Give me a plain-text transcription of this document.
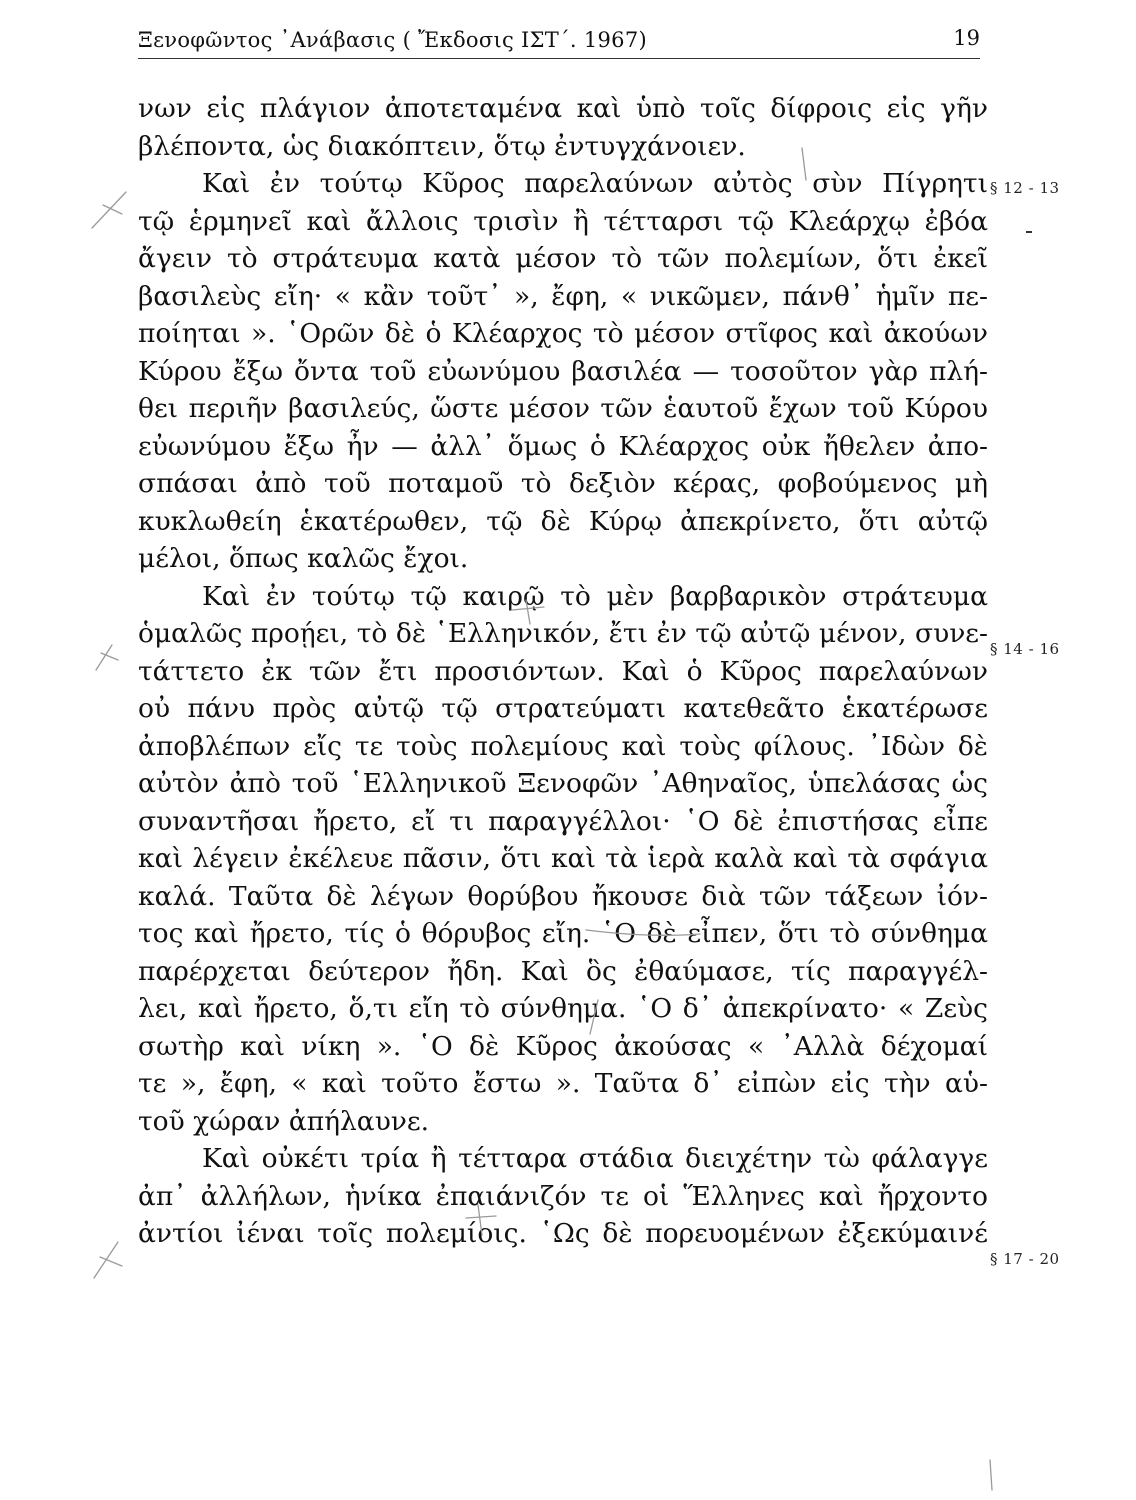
Ξενοφῶντος ᾿Ανάβασις ( Ἔκδοσις ΙΣΤ΄. 1967)	19
νων εἰς πλάγιον ἀποτεταμένα καὶ ὑπὸ τοῖς δίφροις εἰς γῆν
βλέποντα, ὡς διακόπτειν, ὅτῳ ἐντυγχάνοιεν.
Καὶ ἐν τούτῳ Κῦρος παρελαύνων αὐτὸς σὺν Πίγρητι
τῷ ἑρμηνεῖ καὶ ἄλλοις τρισὶν ἢ τέτταρσι τῷ Κλεάρχῳ ἐβόα
ἄγειν τὸ στράτευμα κατὰ μέσον τὸ τῶν πολεμίων, ὅτι ἐκεῖ
βασιλεὺς εἴη· « κἂν τοῦτ᾿ », ἔφη, « νικῶμεν, πάνθ᾿ ἡμῖν πε-
ποίηται ». ῾Ορῶν δὲ ὁ Κλέαρχος τὸ μέσον στῖφος καὶ ἀκούων
Κύρου ἔξω ὄντα τοῦ εὐωνύμου βασιλέα — τοσοῦτον γὰρ πλή-
θει περιῆν βασιλεύς, ὥστε μέσον τῶν ἑαυτοῦ ἔχων τοῦ Κύρου
εὐωνύμου ἔξω ἦν — ἀλλ᾿ ὅμως ὁ Κλέαρχος οὐκ ἤθελεν ἀπο-
σπάσαι ἀπὸ τοῦ ποταμοῦ τὸ δεξιὸν κέρας, φοβούμενος μὴ
κυκλωθείη ἑκατέρωθεν, τῷ δὲ Κύρῳ ἀπεκρίνετο, ὅτι αὐτῷ
μέλοι, ὅπως καλῶς ἔχοι.
Καὶ ἐν τούτῳ τῷ καιρῷ τὸ μὲν βαρβαρικὸν στράτευμα
ὁμαλῶς προῄει, τὸ δὲ ῾Ελληνικόν, ἔτι ἐν τῷ αὐτῷ μένον, συνε-
τάττετο ἐκ τῶν ἔτι προσιόντων. Καὶ ὁ Κῦρος παρελαύνων
οὐ πάνυ πρὸς αὐτῷ τῷ στρατεύματι κατεθεᾶτο ἑκατέρωσε
ἀποβλέπων εἴς τε τοὺς πολεμίους καὶ τοὺς φίλους. ᾿Ιδὼν δὲ
αὐτὸν ἀπὸ τοῦ ῾Ελληνικοῦ Ξενοφῶν ᾿Αθηναῖος, ὑπελάσας ὡς
συναντῆσαι ἤρετο, εἴ τι παραγγέλλοι· ῾Ο δὲ ἐπιστήσας εἶπε
καὶ λέγειν ἐκέλευε πᾶσιν, ὅτι καὶ τὰ ἱερὰ καλὰ καὶ τὰ σφάγια
καλά. Ταῦτα δὲ λέγων θορύβου ἤκουσε διὰ τῶν τάξεων ἰόν-
τος καὶ ἤρετο, τίς ὁ θόρυβος εἴη. ῾Ο δὲ εἶπεν, ὅτι τὸ σύνθημα
παρέρχεται δεύτερον ἤδη. Καὶ ὃς ἐθαύμασε, τίς παραγγέλ-
λει, καὶ ἤρετο, ὅ,τι εἴη τὸ σύνθημα. ῾Ο δ᾿ ἀπεκρίνατο· « Ζεὺς
σωτὴρ καὶ νίκη ». ῾Ο δὲ Κῦρος ἀκούσας « ᾿Αλλὰ δέχομαί
τε », ἔφη, « καὶ τοῦτο ἔστω ». Ταῦτα δ᾿ εἰπὼν εἰς τὴν αὑ-
τοῦ χώραν ἀπήλαυνε.
Καὶ οὐκέτι τρία ἢ τέτταρα στάδια διειχέτην τὼ φάλαγγε
ἀπ᾿ ἀλλήλων, ἡνίκα ἐπαιάνιζόν τε οἱ Ἕλληνες καὶ ἤρχοντο
ἀντίοι ἰέναι τοῖς πολεμίοις. ῾Ως δὲ πορευομένων ἐξεκύμαινέ
§ 12 - 13
§ 14 - 16
§ 17 - 20
